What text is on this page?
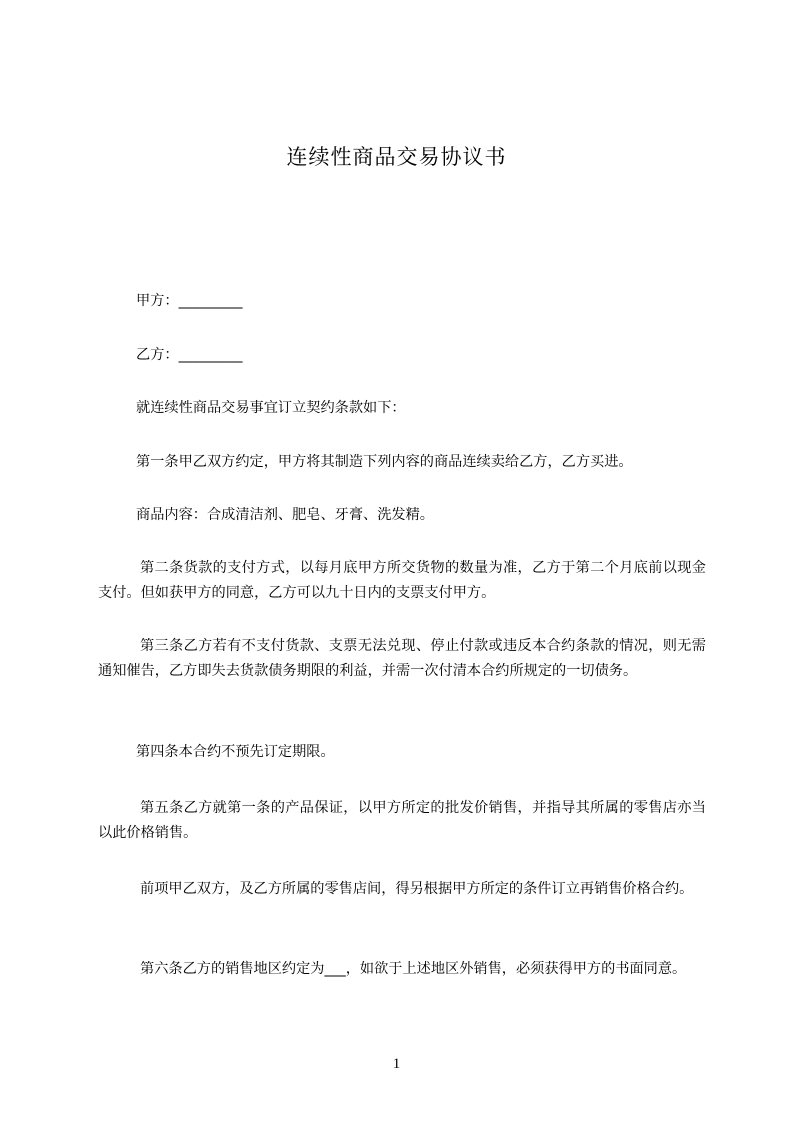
连续性商品交易协议书

甲方：_________

乙方：_________

就连续性商品交易事宜订立契约条款如下：

第一条甲乙双方约定，甲方将其制造下列内容的商品连续卖给乙方，乙方买进。

商品内容：合成清洁剂、肥皂、牙膏、洗发精。

第二条货款的支付方式，以每月底甲方所交货物的数量为准，乙方于第二个月底前以现金支付。但如获甲方的同意，乙方可以九十日内的支票支付甲方。

第三条乙方若有不支付货款、支票无法兑现、停止付款或违反本合约条款的情况，则无需通知催告，乙方即失去货款债务期限的利益，并需一次付清本合约所规定的一切债务。

第四条本合约不预先订定期限。

第五条乙方就第一条的产品保证，以甲方所定的批发价销售，并指导其所属的零售店亦当以此价格销售。

前项甲乙双方，及乙方所属的零售店间，得另根据甲方所定的条件订立再销售价格合约。

第六条乙方的销售地区约定为___，如欲于上述地区外销售，必须获得甲方的书面同意。

1
